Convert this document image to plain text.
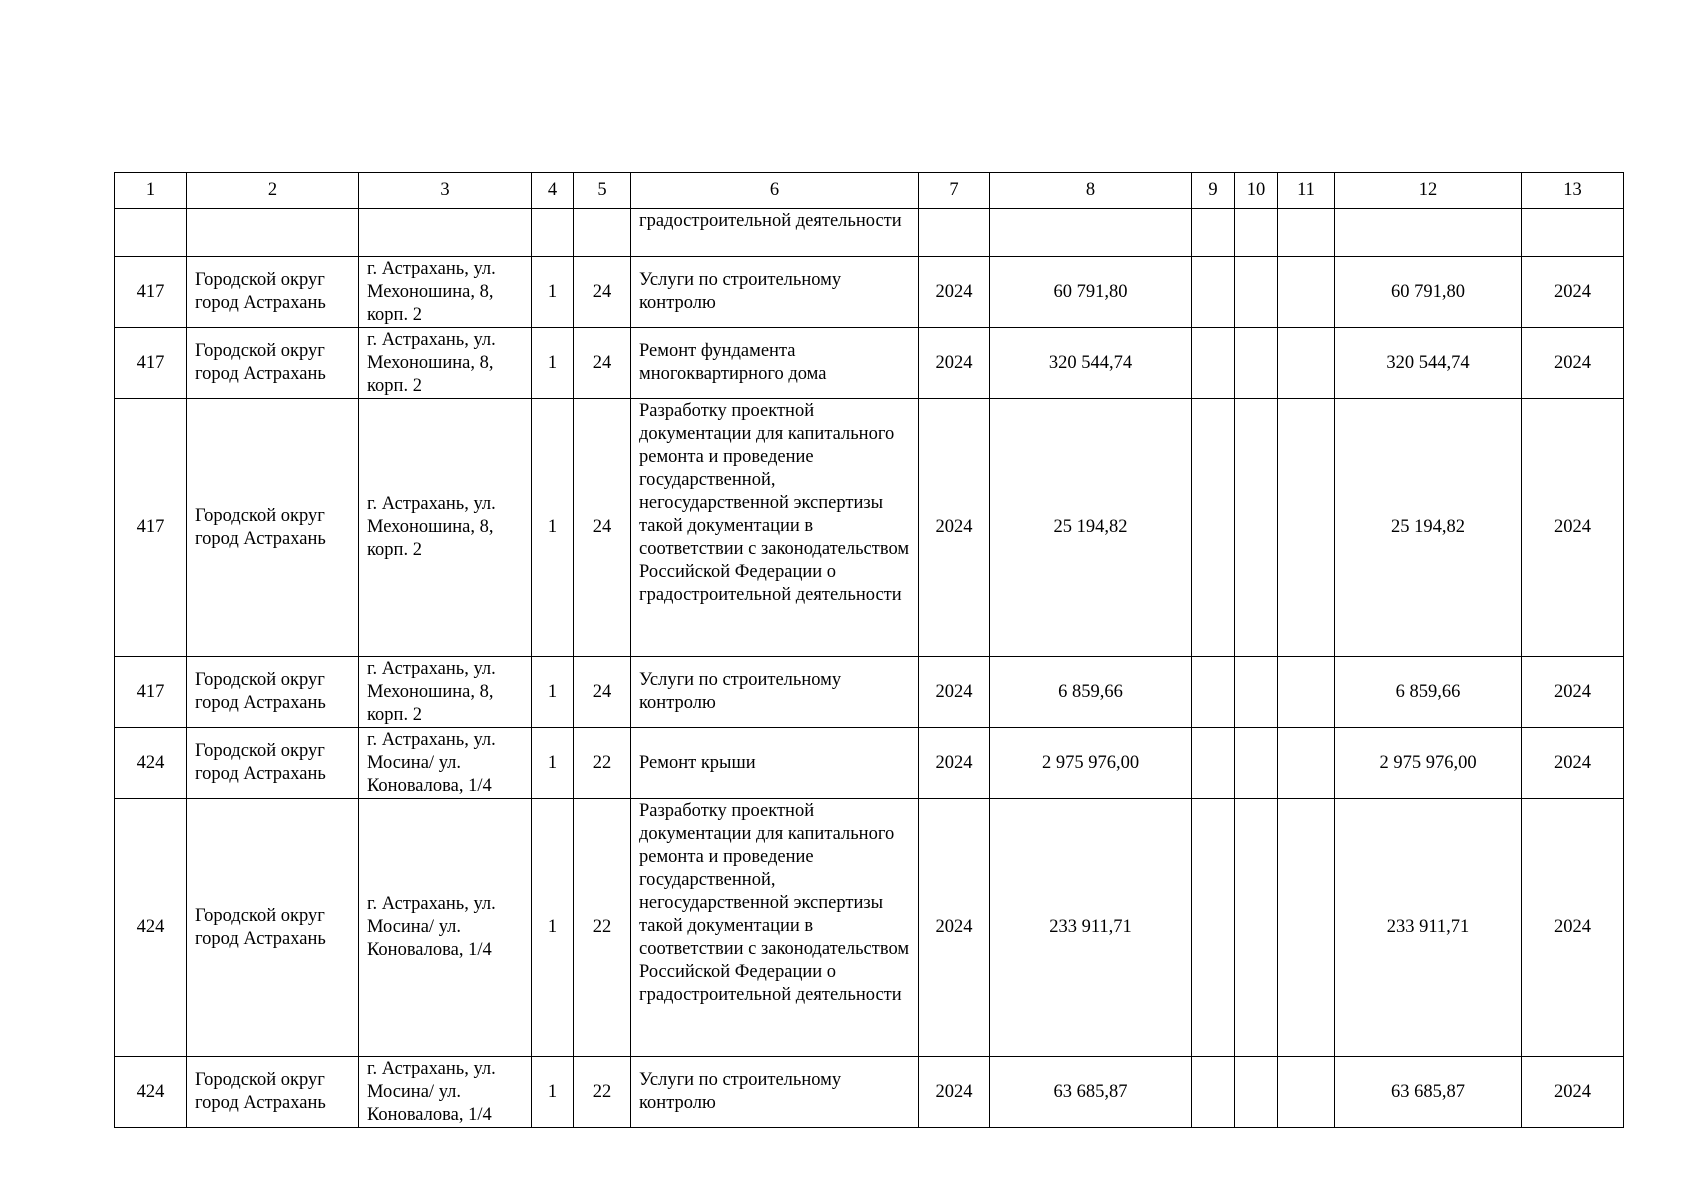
1	2	3	4	5	6	7	8	9	10	11	12	13
					градостроительной деятельности							
417	Городской округ город Астрахань	г. Астрахань, ул. Мехоношина, 8, корп. 2	1	24	Услуги по строительному контролю	2024	60 791,80				60 791,80	2024
417	Городской округ город Астрахань	г. Астрахань, ул. Мехоношина, 8, корп. 2	1	24	Ремонт фундамента многоквартирного дома	2024	320 544,74				320 544,74	2024
417	Городской округ город Астрахань	г. Астрахань, ул. Мехоношина, 8, корп. 2	1	24	Разработку проектной документации для капитального ремонта и проведение государственной, негосударственной экспертизы такой документации в соответствии с законодательством Российской Федерации о градостроительной деятельности	2024	25 194,82				25 194,82	2024
417	Городской округ город Астрахань	г. Астрахань, ул. Мехоношина, 8, корп. 2	1	24	Услуги по строительному контролю	2024	6 859,66				6 859,66	2024
424	Городской округ город Астрахань	г. Астрахань, ул. Мосина/ ул. Коновалова, 1/4	1	22	Ремонт крыши	2024	2 975 976,00				2 975 976,00	2024
424	Городской округ город Астрахань	г. Астрахань, ул. Мосина/ ул. Коновалова, 1/4	1	22	Разработку проектной документации для капитального ремонта и проведение государственной, негосударственной экспертизы такой документации в соответствии с законодательством Российской Федерации о градостроительной деятельности	2024	233 911,71				233 911,71	2024
424	Городской округ город Астрахань	г. Астрахань, ул. Мосина/ ул. Коновалова, 1/4	1	22	Услуги по строительному контролю	2024	63 685,87				63 685,87	2024
